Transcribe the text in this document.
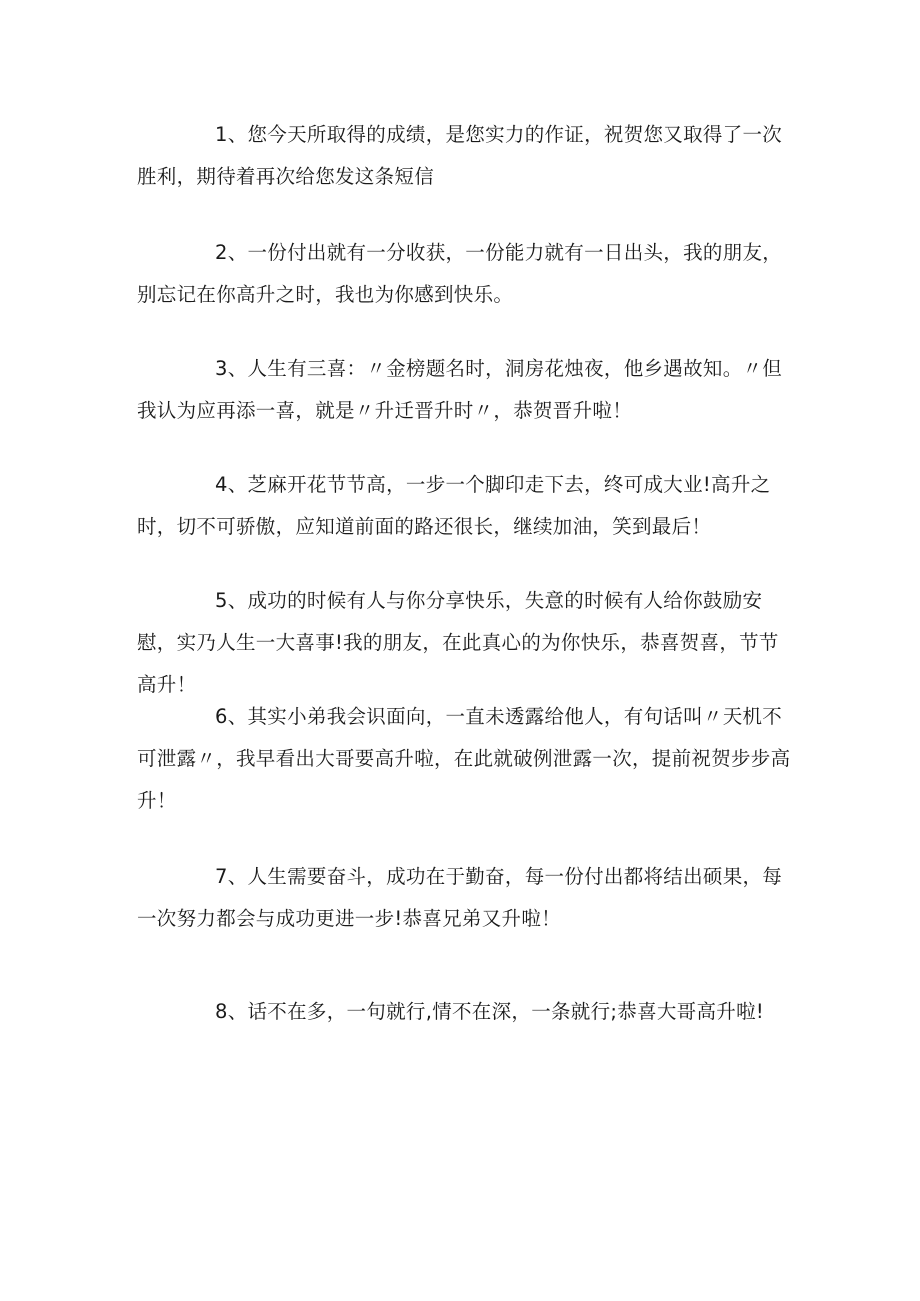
1、您今天所取得的成绩，是您实力的作证，祝贺您又取得了一次胜利，期待着再次给您发这条短信

2、一份付出就有一分收获，一份能力就有一日出头，我的朋友，别忘记在你高升之时，我也为你感到快乐。

3、人生有三喜：〃金榜题名时，洞房花烛夜，他乡遇故知。〃但我认为应再添一喜，就是〃升迁晋升时〃，恭贺晋升啦！

4、芝麻开花节节高，一步一个脚印走下去，终可成大业!高升之时，切不可骄傲，应知道前面的路还很长，继续加油，笑到最后！

5、成功的时候有人与你分享快乐，失意的时候有人给你鼓励安慰，实乃人生一大喜事!我的朋友，在此真心的为你快乐，恭喜贺喜，节节高升！

6、其实小弟我会识面向，一直未透露给他人，有句话叫〃天机不可泄露〃，我早看出大哥要高升啦，在此就破例泄露一次，提前祝贺步步高升！

7、人生需要奋斗，成功在于勤奋，每一份付出都将结出硕果，每一次努力都会与成功更进一步!恭喜兄弟又升啦！

8、话不在多，一句就行,情不在深，一条就行;恭喜大哥高升啦!
